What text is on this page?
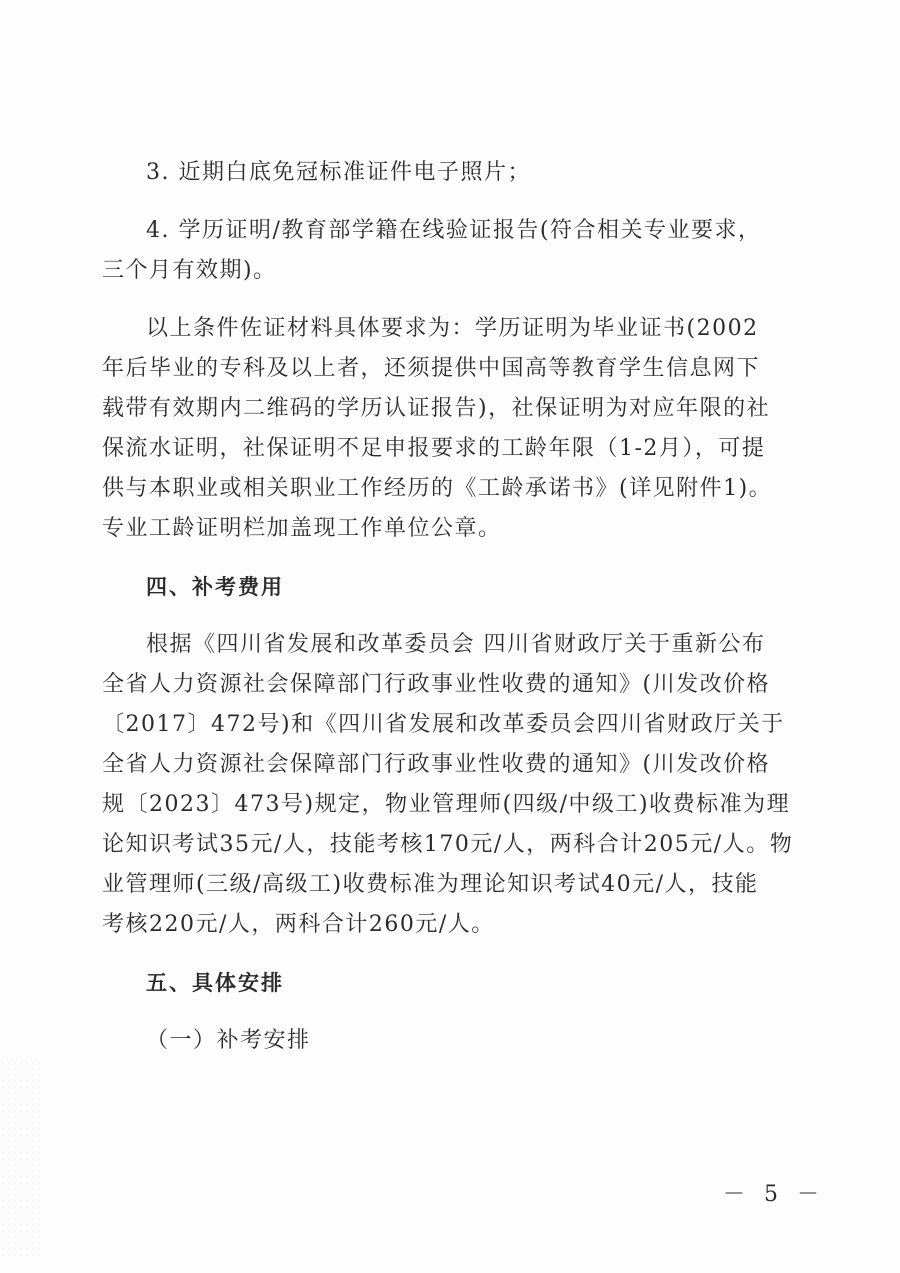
3. 近期白底免冠标准证件电子照片；
4. 学历证明/教育部学籍在线验证报告(符合相关专业要求，
三个月有效期)。
以上条件佐证材料具体要求为：学历证明为毕业证书(2002
年后毕业的专科及以上者，还须提供中国高等教育学生信息网下
载带有效期内二维码的学历认证报告)，社保证明为对应年限的社
保流水证明，社保证明不足申报要求的工龄年限（1-2月），可提
供与本职业或相关职业工作经历的《工龄承诺书》(详见附件1)。
专业工龄证明栏加盖现工作单位公章。
四、补考费用
根据《四川省发展和改革委员会 四川省财政厅关于重新公布
全省人力资源社会保障部门行政事业性收费的通知》(川发改价格
〔2017〕472号)和《四川省发展和改革委员会四川省财政厅关于
全省人力资源社会保障部门行政事业性收费的通知》(川发改价格
规〔2023〕473号)规定，物业管理师(四级/中级工)收费标准为理
论知识考试35元/人，技能考核170元/人，两科合计205元/人。物
业管理师(三级/高级工)收费标准为理论知识考试40元/人，技能
考核220元/人，两科合计260元/人。
五、具体安排
（一）补考安排
－ 5 －
